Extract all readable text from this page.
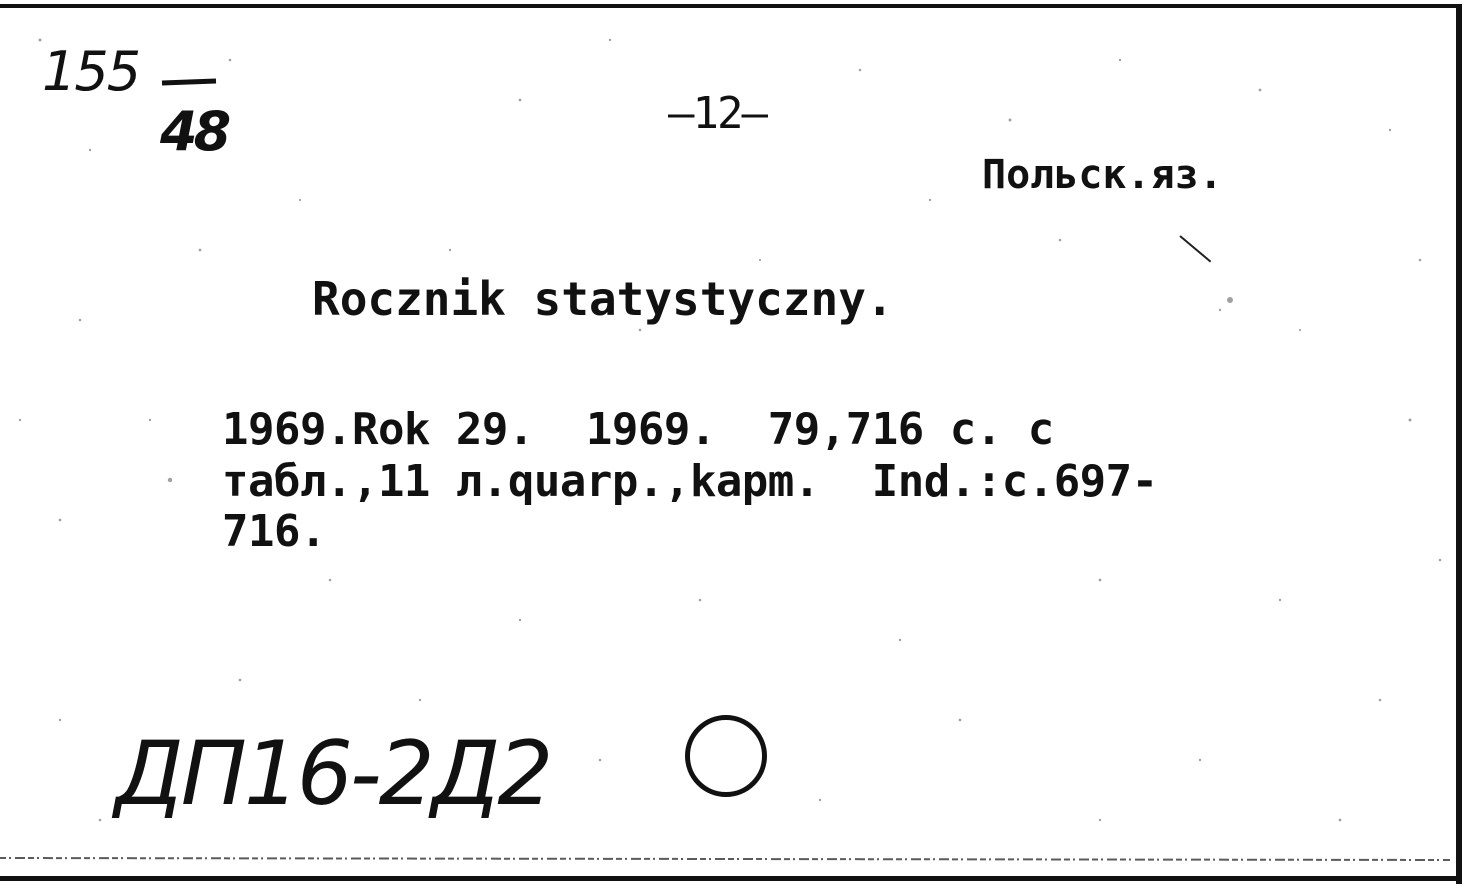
155
48	—12—
Польск.яз.
Rocznik statystyczny.
1969.Rok 29.  1969.  79,716 с. с
табл.,11 л.quarp.,kapm.  Ind.:c.697-
716.
ДП16-2Д2
